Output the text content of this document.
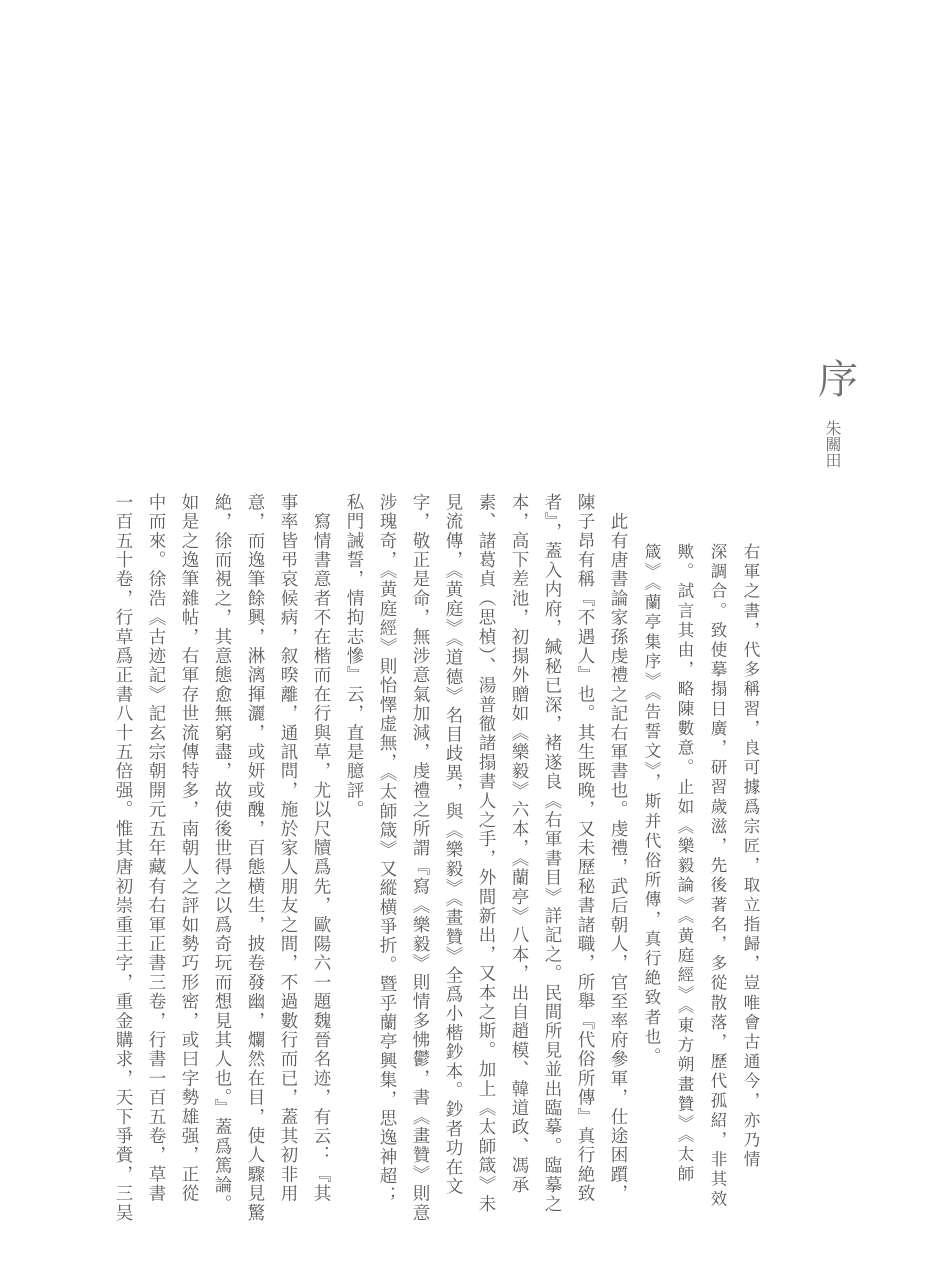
序
朱關田
右軍之書，代多稱習，良可據爲宗匠，取立指歸，豈唯會古通今，亦乃情
深調合。致使摹搨日廣，研習歲滋，先後著名，多從散落，歷代孤紹，非其效
歟。試言其由，略陳數意。止如《樂毅論》《黄庭經》《東方朔畫贊》《太師
箴》《蘭亭集序》《告誓文》，斯并代俗所傳，真行絶致者也。
　此有唐書論家孫虔禮之記右軍書也。虔禮，武后朝人，官至率府參軍，仕途困躓，
陳子昂有稱『不遇人』也。其生既晚，又未歷秘書諸職，所舉『代俗所傳』真行絶致
者』，蓋入内府，緘秘已深，褚遂良《右軍書目》詳記之。民間所見並出臨摹。臨摹之
本，高下差池，初搨外贈如《樂毅》六本，《蘭亭》八本，出自趙模、韓道政、馮承
素、諸葛貞（思楨）、湯普徹諸搨書人之手，外間新出，又本之斯。加上《太師箴》未
見流傳，《黄庭》《道德》名目歧異，與《樂毅》《畫贊》全爲小楷鈔本。鈔者功在文
字，敬正是命，無涉意氣加減，虔禮之所謂『寫《樂毅》則情多怫鬱，書《畫贊》則意
涉瑰奇，《黄庭經》則怡懌虚無，《太師箴》又縱横爭折。暨乎蘭亭興集，思逸神超；
私門誡誓，情拘志慘』云，直是臆評。
　寫情書意者不在楷而在行與草，尤以尺牘爲先，歐陽六一題魏晉名迹，有云：『其
事率皆弔哀候病，叙暌離，通訊問，施於家人朋友之間，不過數行而已，蓋其初非用
意，而逸筆餘興，淋漓揮灑，或妍或醜，百態横生，披卷發幽，爛然在目，使人驟見驚
絶，徐而視之，其意態愈無窮盡，故使後世得之以爲奇玩而想見其人也。』蓋爲篤論。
如是之逸筆雜帖，右軍存世流傳特多，南朝人之評如勢巧形密，或曰字勢雄强，正從
中而來。徐浩《古迹記》記玄宗朝開元五年藏有右軍正書三卷，行書一百五卷，草書
一百五十卷，行草爲正書八十五倍强。惟其唐初崇重王字，重金購求，天下爭賫，三吴
